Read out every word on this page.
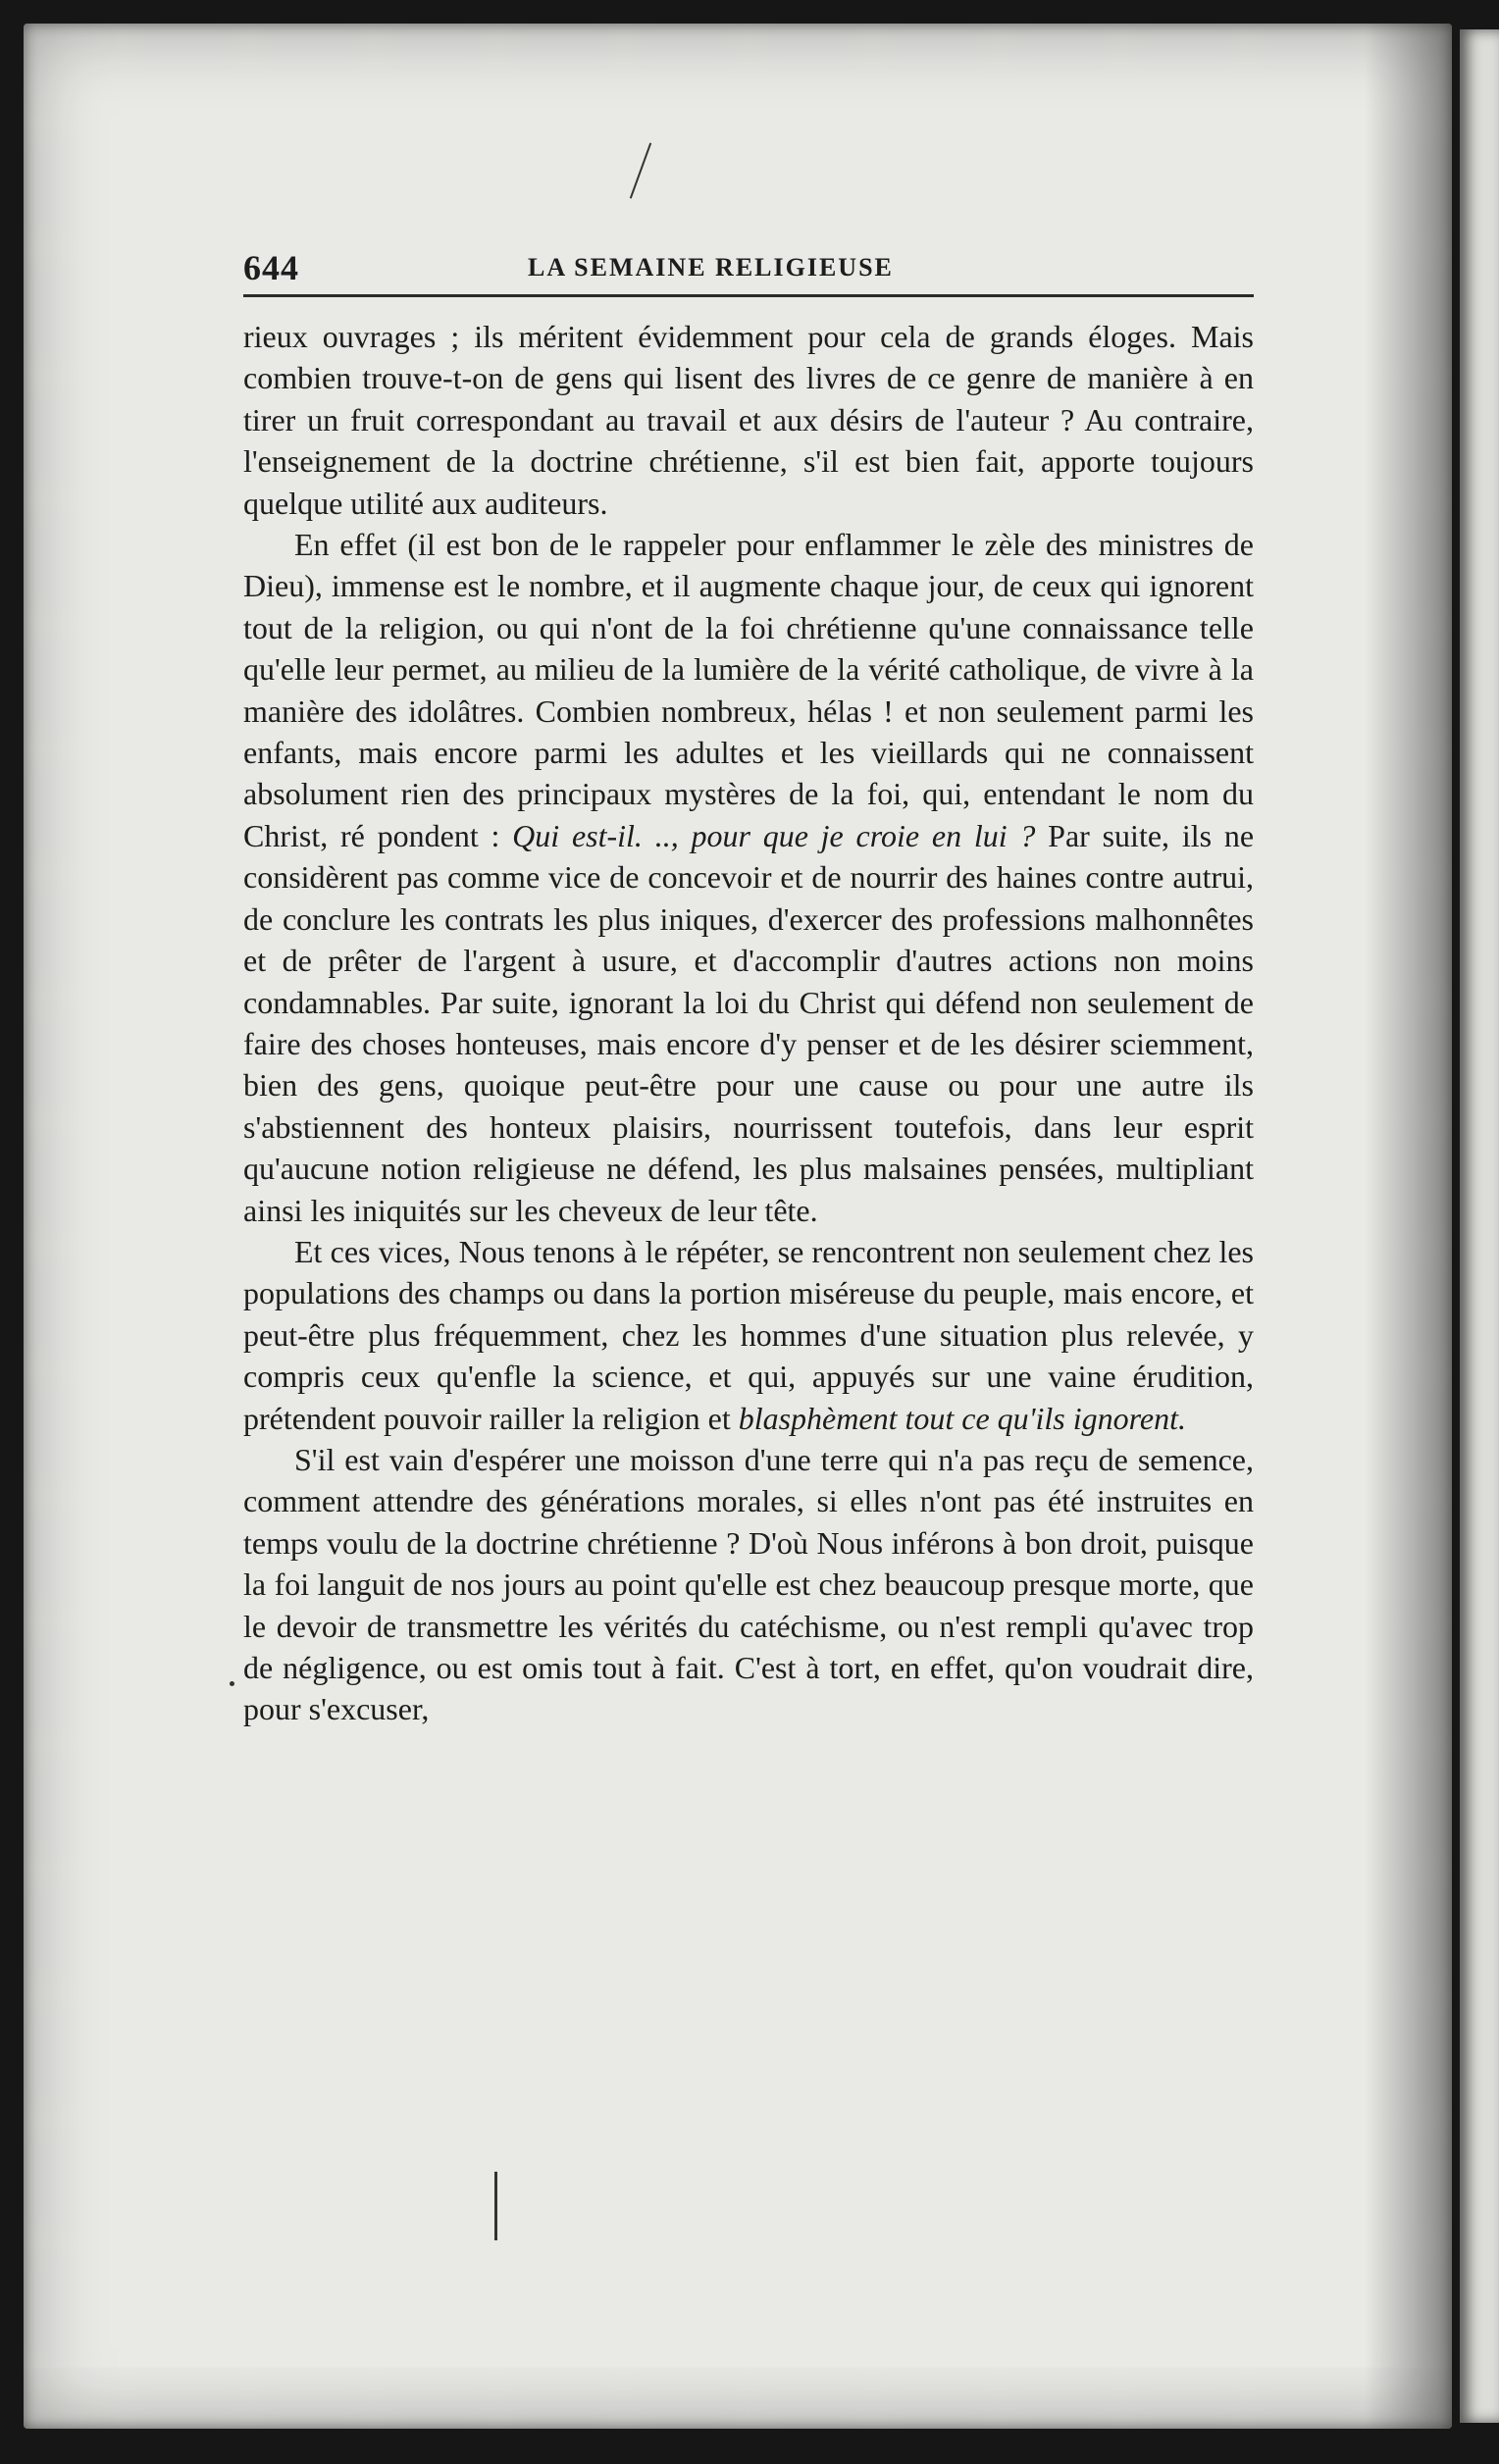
644	LA SEMAINE RELIGIEUSE

rieux ouvrages ; ils méritent évidemment pour cela de grands éloges. Mais combien trouve-t-on de gens qui lisent des livres de ce genre de manière à en tirer un fruit correspondant au travail et aux désirs de l'auteur ? Au contraire, l'enseignement de la doctrine chrétienne, s'il est bien fait, apporte toujours quelque utilité aux auditeurs.

En effet (il est bon de le rappeler pour enflammer le zèle des ministres de Dieu), immense est le nombre, et il augmente chaque jour, de ceux qui ignorent tout de la religion, ou qui n'ont de la foi chrétienne qu'une connaissance telle qu'elle leur permet, au milieu de la lumière de la vérité catholique, de vivre à la manière des idolâtres. Combien nombreux, hélas ! et non seulement parmi les enfants, mais encore parmi les adultes et les vieillards qui ne connaissent absolument rien des principaux mystères de la foi, qui, entendant le nom du Christ, ré pondent : Qui est-il. .., pour que je croie en lui ? Par suite, ils ne considèrent pas comme vice de concevoir et de nourrir des haines contre autrui, de conclure les contrats les plus iniques, d'exercer des professions malhonnêtes et de prêter de l'argent à usure, et d'accomplir d'autres actions non moins condamnables. Par suite, ignorant la loi du Christ qui défend non seulement de faire des choses honteuses, mais encore d'y penser et de les désirer sciemment, bien des gens, quoique peut-être pour une cause ou pour une autre ils s'abstiennent des honteux plaisirs, nourrissent toutefois, dans leur esprit qu'aucune notion religieuse ne défend, les plus malsaines pensées, multipliant ainsi les iniquités sur les cheveux de leur tête.

Et ces vices, Nous tenons à le répéter, se rencontrent non seulement chez les populations des champs ou dans la portion miséreuse du peuple, mais encore, et peut-être plus fréquemment, chez les hommes d'une situation plus relevée, y compris ceux qu'enfle la science, et qui, appuyés sur une vaine érudition, prétendent pouvoir railler la religion et blasphèment tout ce qu'ils ignorent.

S'il est vain d'espérer une moisson d'une terre qui n'a pas reçu de semence, comment attendre des générations morales, si elles n'ont pas été instruites en temps voulu de la doctrine chrétienne ? D'où Nous inférons à bon droit, puisque la foi languit de nos jours au point qu'elle est chez beaucoup presque morte, que le devoir de transmettre les vérités du catéchisme, ou n'est rempli qu'avec trop de négligence, ou est omis tout à fait. C'est à tort, en effet, qu'on voudrait dire, pour s'excuser,
